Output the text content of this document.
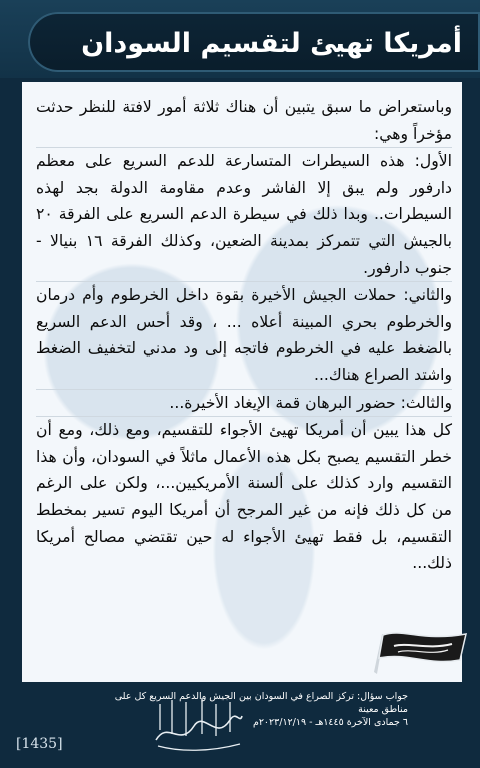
أمريكا تهيئ لتقسيم السودان

وباستعراض ما سبق يتبين أن هناك ثلاثة أمور لافتة للنظر حدثت مؤخراً وهي:

الأول: هذه السيطرات المتسارعة للدعم السريع على معظم دارفور ولم يبق إلا الفاشر وعدم مقاومة الدولة بجد لهذه السيطرات.. وبدا ذلك في سيطرة الدعم السريع على الفرقة ٢٠ بالجيش التي تتمركز بمدينة الضعين، وكذلك الفرقة ١٦ بنيالا - جنوب دارفور.

والثاني: حملات الجيش الأخيرة بقوة داخل الخرطوم وأم درمان والخرطوم بحري المبينة أعلاه ... ، وقد أحس الدعم السريع بالضغط عليه في الخرطوم فاتجه إلى ود مدني لتخفيف الضغط واشتد الصراع هناك...

والثالث: حضور البرهان قمة الإيغاد الأخيرة...

كل هذا يبين أن أمريكا تهيئ الأجواء للتقسيم، ومع ذلك، ومع أن خطر التقسيم يصبح بكل هذه الأعمال ماثلاً في السودان، وأن هذا التقسيم وارد كذلك على ألسنة الأمريكيين...، ولكن على الرغم من كل ذلك فإنه من غير المرجح أن أمريكا اليوم تسير بمخطط التقسيم، بل فقط تهيئ الأجواء له حين تقتضي مصالح أمريكا ذلك...

جواب سؤال: تركز الصراع في السودان بين الجيش والدعم السريع كل على
مناطق معينة
٦ جمادى الآخرة ١٤٤٥هـ - ٢٠٢٣/١٢/١٩م
[1435]
